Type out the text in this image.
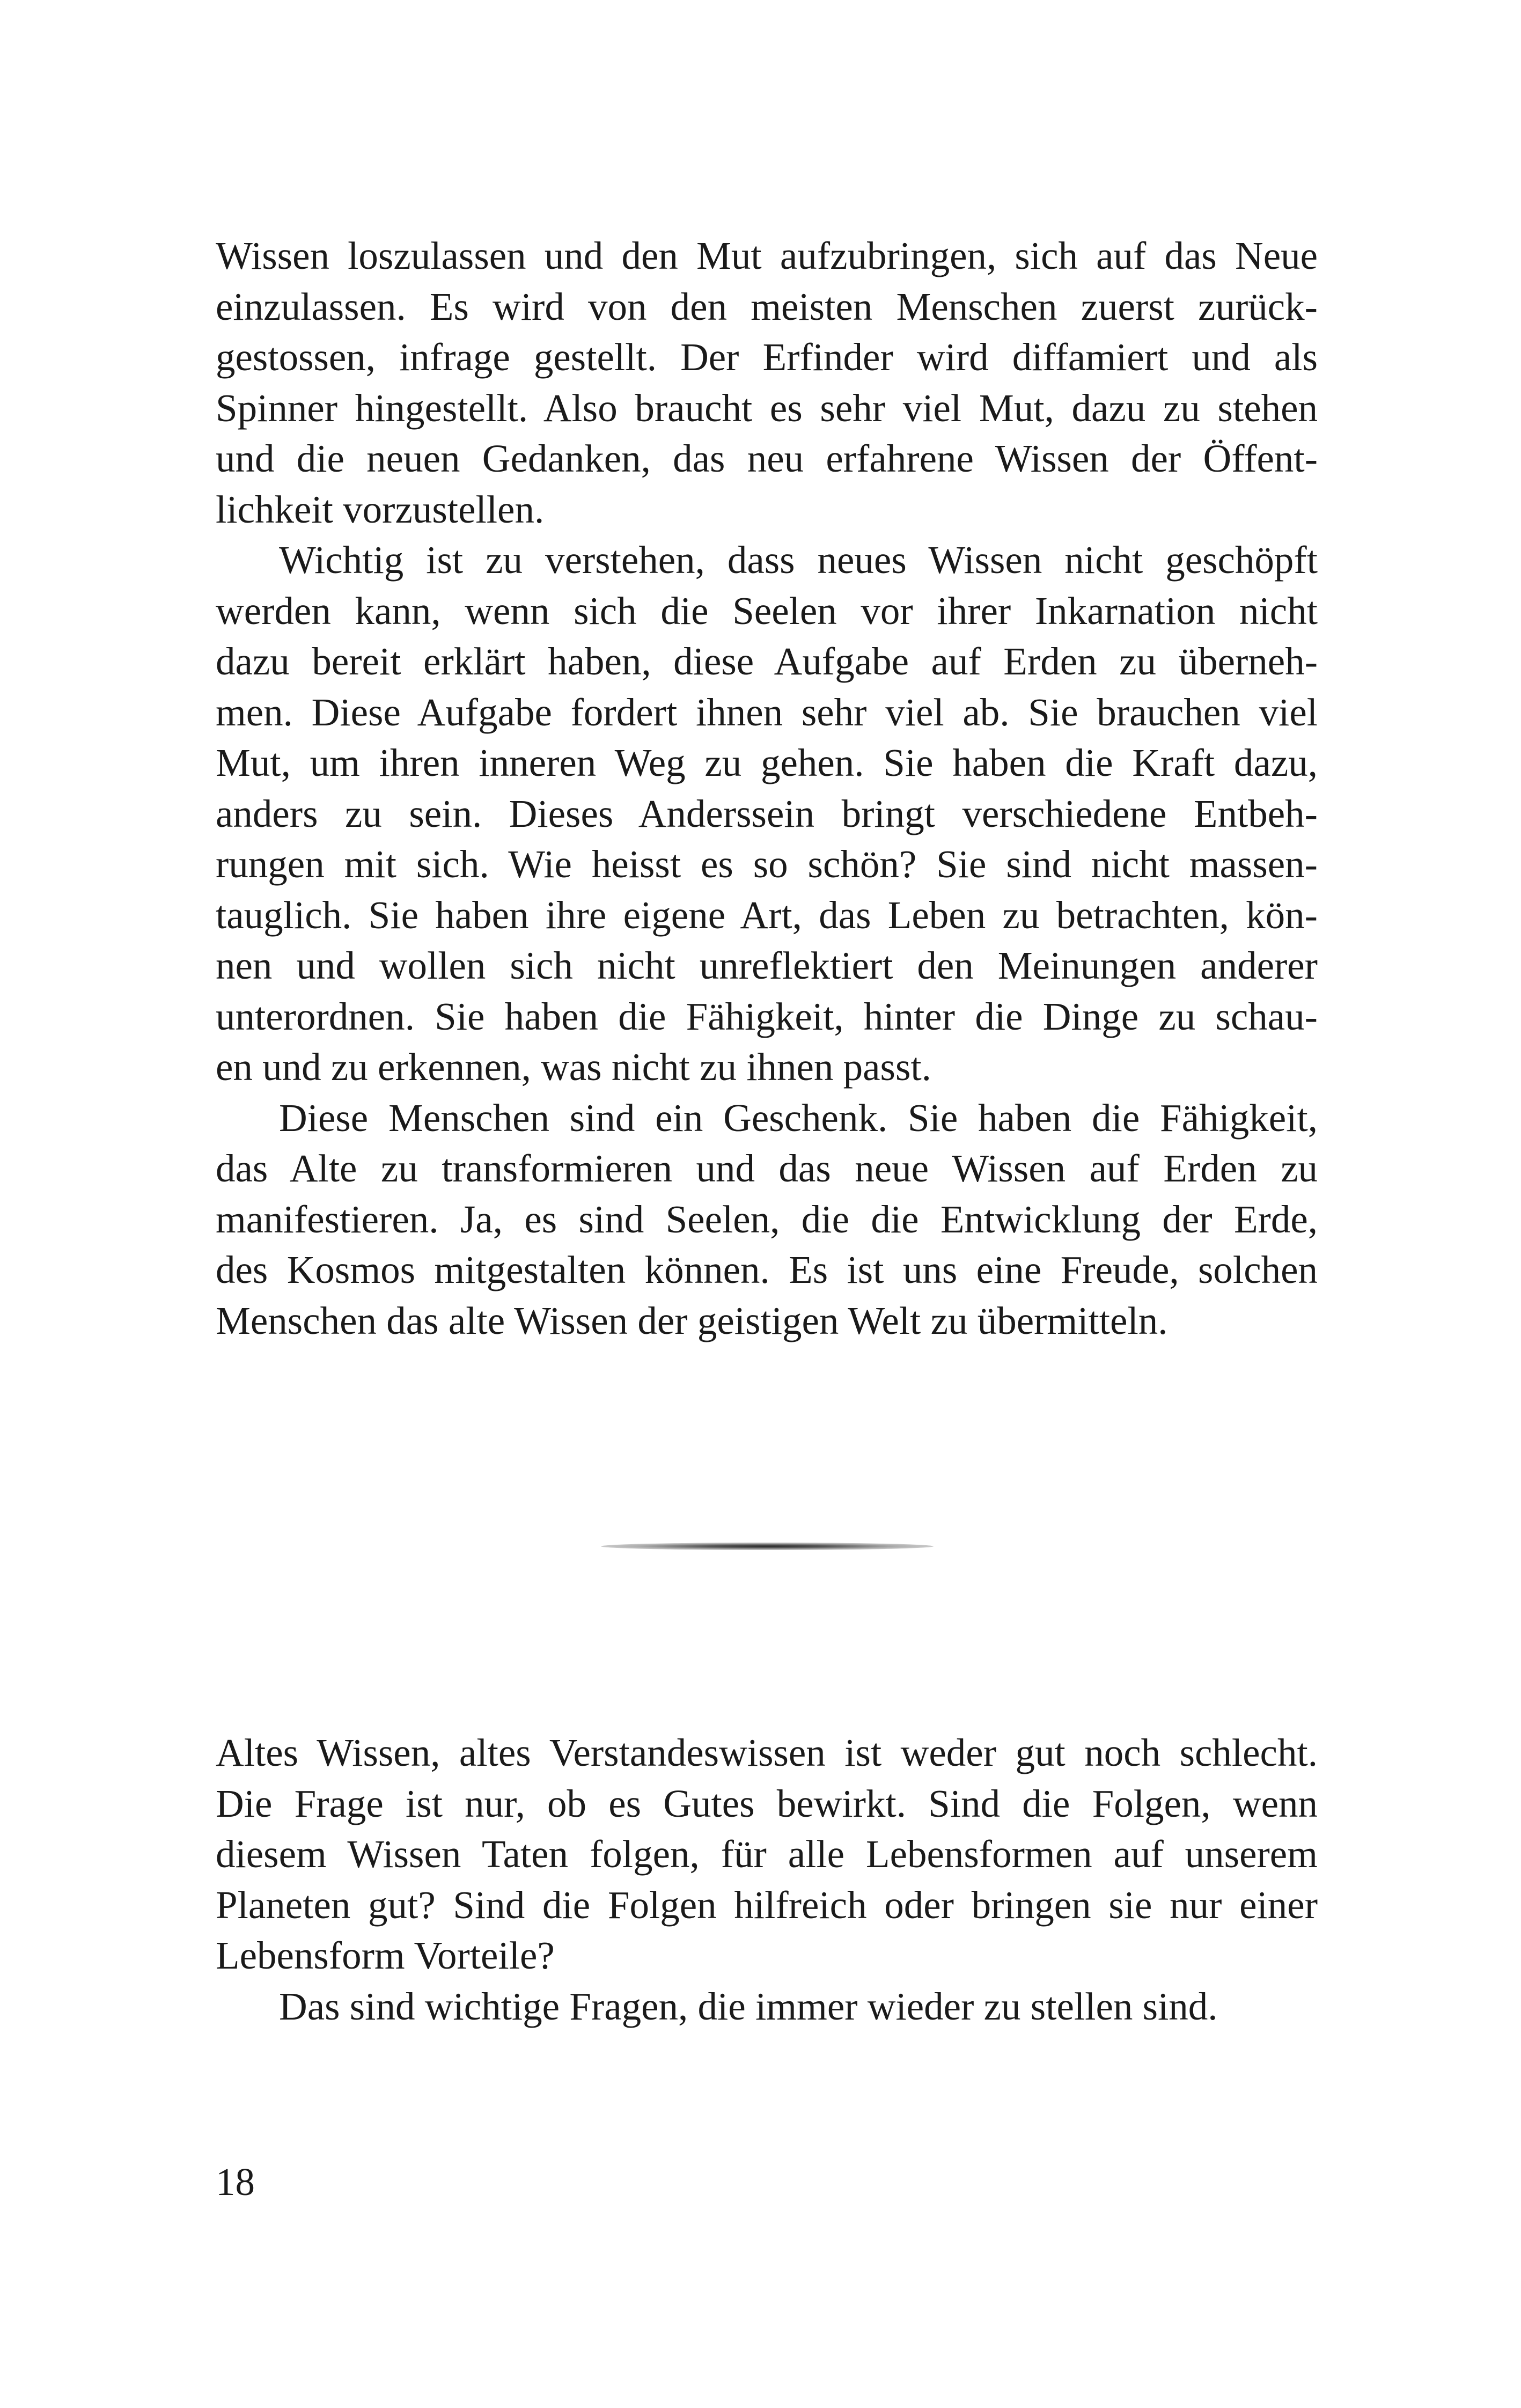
Wissen loszulassen und den Mut aufzubringen, sich auf das Neue
einzulassen. Es wird von den meisten Menschen zuerst zurück-
gestossen, infrage gestellt. Der Erfinder wird diffamiert und als
Spinner hingestellt. Also braucht es sehr viel Mut, dazu zu stehen
und die neuen Gedanken, das neu erfahrene Wissen der Öffent-
lichkeit vorzustellen.
Wichtig ist zu verstehen, dass neues Wissen nicht geschöpft
werden kann, wenn sich die Seelen vor ihrer Inkarnation nicht
dazu bereit erklärt haben, diese Aufgabe auf Erden zu überneh-
men. Diese Aufgabe fordert ihnen sehr viel ab. Sie brauchen viel
Mut, um ihren inneren Weg zu gehen. Sie haben die Kraft dazu,
anders zu sein. Dieses Anderssein bringt verschiedene Entbeh-
rungen mit sich. Wie heisst es so schön? Sie sind nicht massen-
tauglich. Sie haben ihre eigene Art, das Leben zu betrachten, kön-
nen und wollen sich nicht unreflektiert den Meinungen anderer
unterordnen. Sie haben die Fähigkeit, hinter die Dinge zu schau-
en und zu erkennen, was nicht zu ihnen passt.
Diese Menschen sind ein Geschenk. Sie haben die Fähigkeit,
das Alte zu transformieren und das neue Wissen auf Erden zu
manifestieren. Ja, es sind Seelen, die die Entwicklung der Erde,
des Kosmos mitgestalten können. Es ist uns eine Freude, solchen
Menschen das alte Wissen der geistigen Welt zu übermitteln.
Altes Wissen, altes Verstandeswissen ist weder gut noch schlecht.
Die Frage ist nur, ob es Gutes bewirkt. Sind die Folgen, wenn
diesem Wissen Taten folgen, für alle Lebensformen auf unserem
Planeten gut? Sind die Folgen hilfreich oder bringen sie nur einer
Lebensform Vorteile?
Das sind wichtige Fragen, die immer wieder zu stellen sind.
18
